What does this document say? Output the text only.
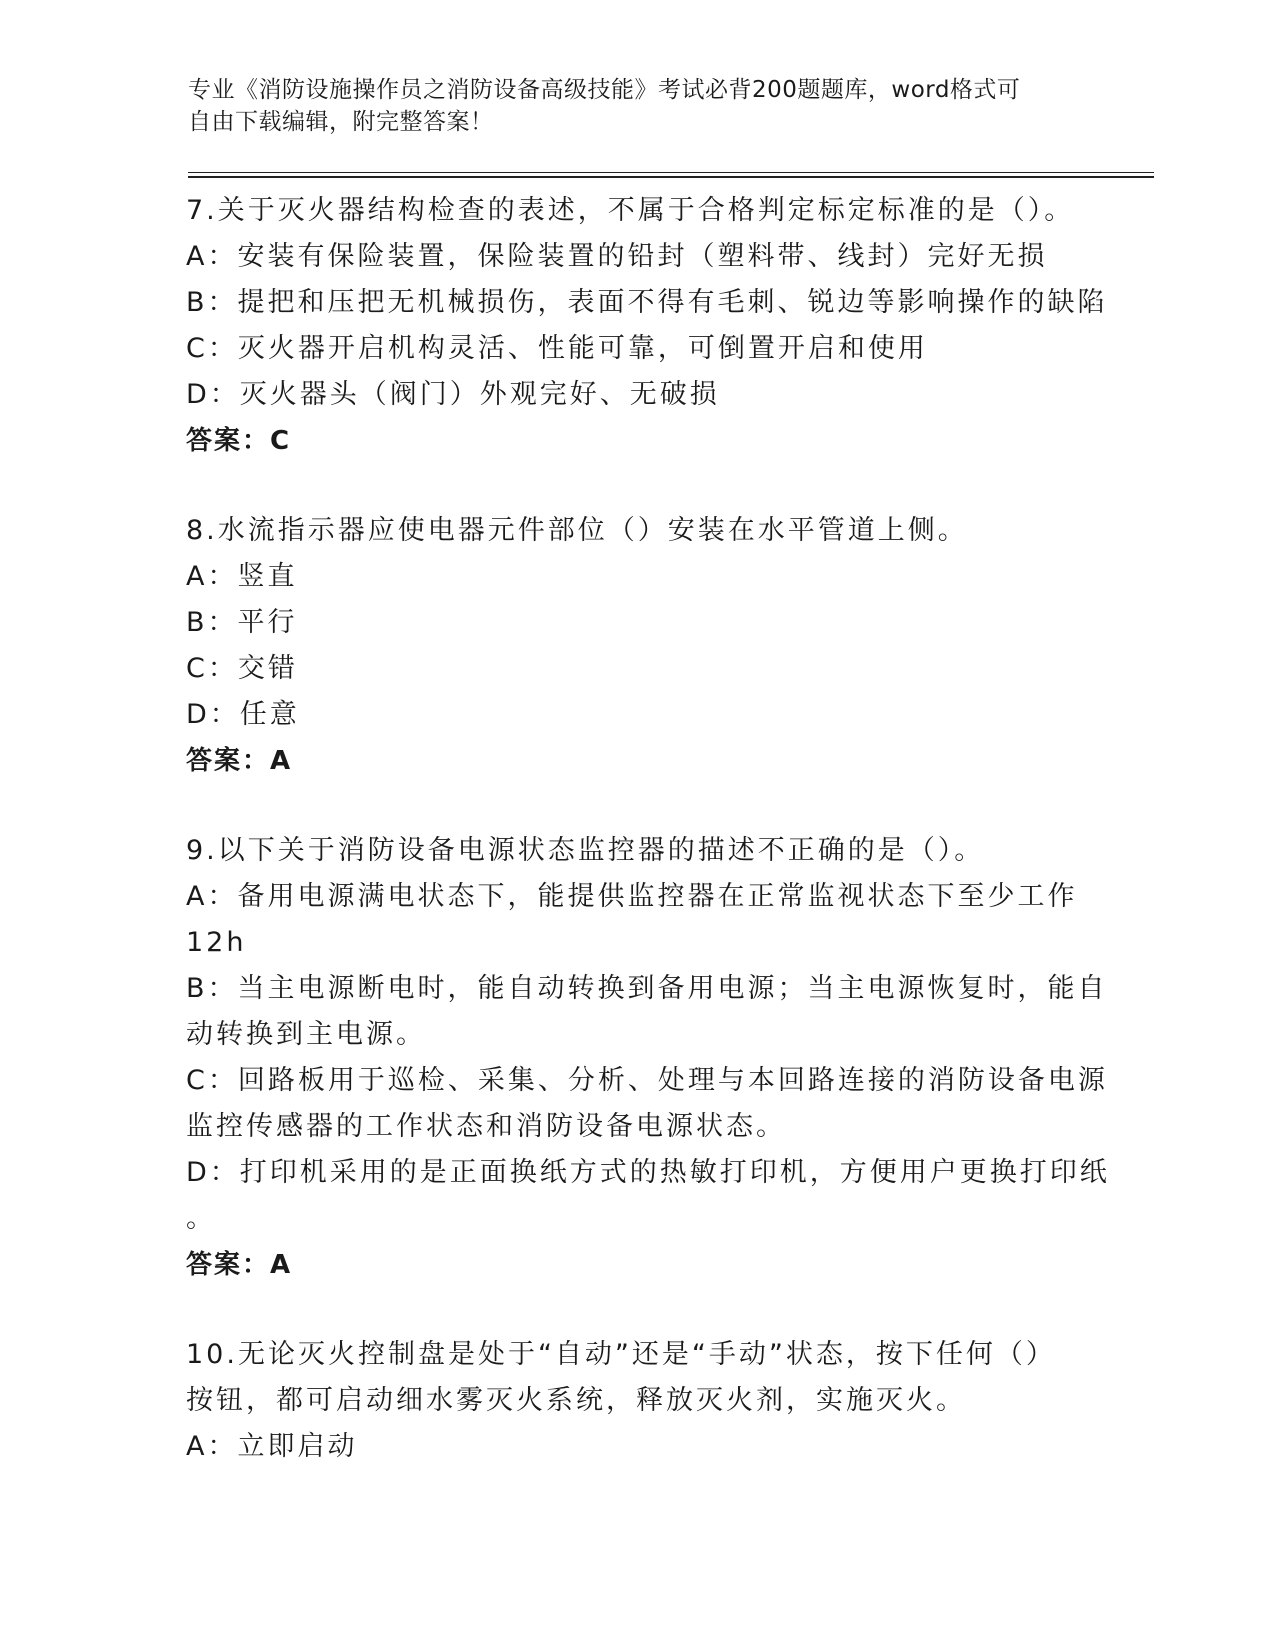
专业《消防设施操作员之消防设备高级技能》考试必背200题题库，word格式可
自由下载编辑，附完整答案！
7.关于灭火器结构检查的表述，不属于合格判定标定标准的是（）。
A：安装有保险装置，保险装置的铅封（塑料带、线封）完好无损
B：提把和压把无机械损伤，表面不得有毛刺、锐边等影响操作的缺陷
C：灭火器开启机构灵活、性能可靠，可倒置开启和使用
D：灭火器头（阀门）外观完好、无破损
答案：C
8.水流指示器应使电器元件部位（）安装在水平管道上侧。
A：竖直
B：平行
C：交错
D：任意
答案：A
9.以下关于消防设备电源状态监控器的描述不正确的是（）。
A：备用电源满电状态下，能提供监控器在正常监视状态下至少工作
12h
B：当主电源断电时，能自动转换到备用电源；当主电源恢复时，能自
动转换到主电源。
C：回路板用于巡检、采集、分析、处理与本回路连接的消防设备电源
监控传感器的工作状态和消防设备电源状态。
D：打印机采用的是正面换纸方式的热敏打印机，方便用户更换打印纸
。
答案：A
10.无论灭火控制盘是处于“自动”还是“手动”状态，按下任何（）
按钮，都可启动细水雾灭火系统，释放灭火剂，实施灭火。
A：立即启动
